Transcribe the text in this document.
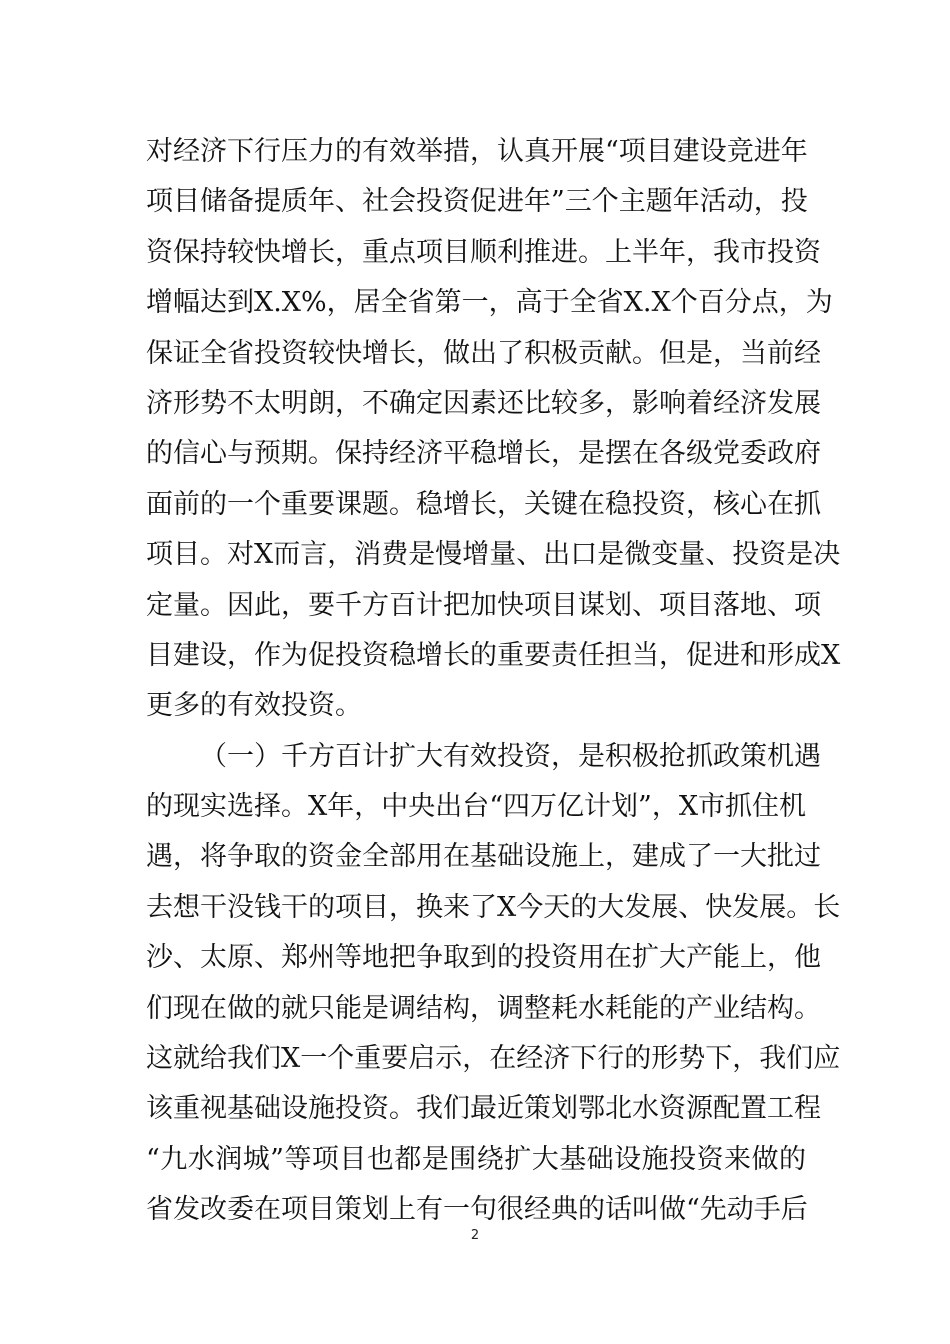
对经济下行压力的有效举措，认真开展“项目建设竞进年
项目储备提质年、社会投资促进年”三个主题年活动，投
资保持较快增长，重点项目顺利推进。上半年，我市投资
增幅达到X.X%，居全省第一，高于全省X.X个百分点，为
保证全省投资较快增长，做出了积极贡献。但是，当前经
济形势不太明朗，不确定因素还比较多，影响着经济发展
的信心与预期。保持经济平稳增长，是摆在各级党委政府
面前的一个重要课题。稳增长，关键在稳投资，核心在抓
项目。对X而言，消费是慢增量、出口是微变量、投资是决
定量。因此，要千方百计把加快项目谋划、项目落地、项
目建设，作为促投资稳增长的重要责任担当，促进和形成X
更多的有效投资。
（一）千方百计扩大有效投资，是积极抢抓政策机遇
的现实选择。X年，中央出台“四万亿计划”，X市抓住机
遇，将争取的资金全部用在基础设施上，建成了一大批过
去想干没钱干的项目，换来了X今天的大发展、快发展。长
沙、太原、郑州等地把争取到的投资用在扩大产能上，他
们现在做的就只能是调结构，调整耗水耗能的产业结构。
这就给我们X一个重要启示，在经济下行的形势下，我们应
该重视基础设施投资。我们最近策划鄂北水资源配置工程
“九水润城”等项目也都是围绕扩大基础设施投资来做的
省发改委在项目策划上有一句很经典的话叫做“先动手后
2
